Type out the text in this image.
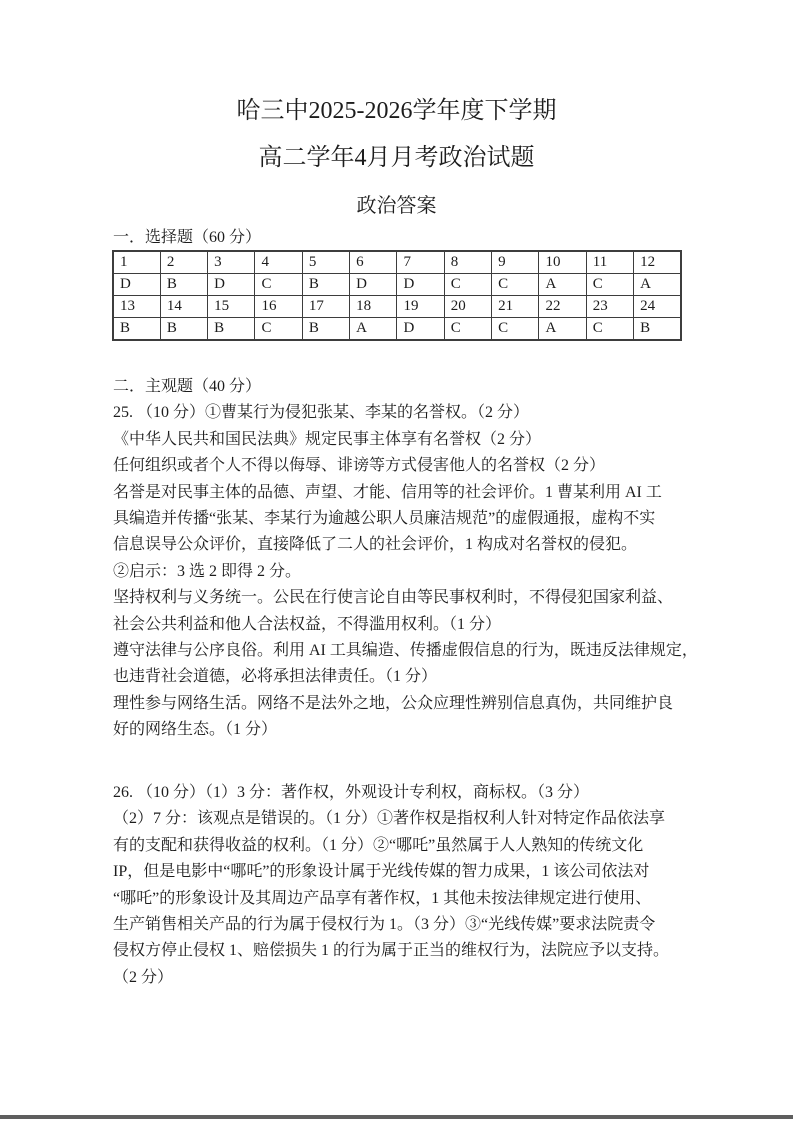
哈三中2025-2026学年度下学期
高二学年4月月考政治试题
政治答案
一．选择题（60 分）
1	2	3	4	5	6	7	8	9	10	11	12
D	B	D	C	B	D	D	C	C	A	C	A
13	14	15	16	17	18	19	20	21	22	23	24
B	B	B	C	B	A	D	C	C	A	C	B
二．主观题（40 分）
25. （10 分）①曹某行为侵犯张某、李某的名誉权。（2 分）
《中华人民共和国民法典》规定民事主体享有名誉权（2 分）
任何组织或者个人不得以侮辱、诽谤等方式侵害他人的名誉权（2 分）
名誉是对民事主体的品德、声望、才能、信用等的社会评价。1 曹某利用 AI 工
具编造并传播“张某、李某行为逾越公职人员廉洁规范”的虚假通报，虚构不实
信息误导公众评价，直接降低了二人的社会评价，1 构成对名誉权的侵犯。
②启示：3 选 2 即得 2 分。
坚持权利与义务统一。公民在行使言论自由等民事权利时，不得侵犯国家利益、
社会公共利益和他人合法权益，不得滥用权利。（1 分）
遵守法律与公序良俗。利用 AI 工具编造、传播虚假信息的行为，既违反法律规定，
也违背社会道德，必将承担法律责任。（1 分）
理性参与网络生活。网络不是法外之地，公众应理性辨别信息真伪，共同维护良
好的网络生态。（1 分）
26. （10 分）（1）3 分：著作权，外观设计专利权，商标权。（3 分）
（2）7 分：该观点是错误的。（1 分）①著作权是指权利人针对特定作品依法享
有的支配和获得收益的权利。（1 分）②“哪吒”虽然属于人人熟知的传统文化
IP，但是电影中“哪吒”的形象设计属于光线传媒的智力成果，1 该公司依法对
“哪吒”的形象设计及其周边产品享有著作权，1 其他未按法律规定进行使用、
生产销售相关产品的行为属于侵权行为 1。（3 分）③“光线传媒”要求法院责令
侵权方停止侵权 1、赔偿损失 1 的行为属于正当的维权行为，法院应予以支持。
（2 分）
